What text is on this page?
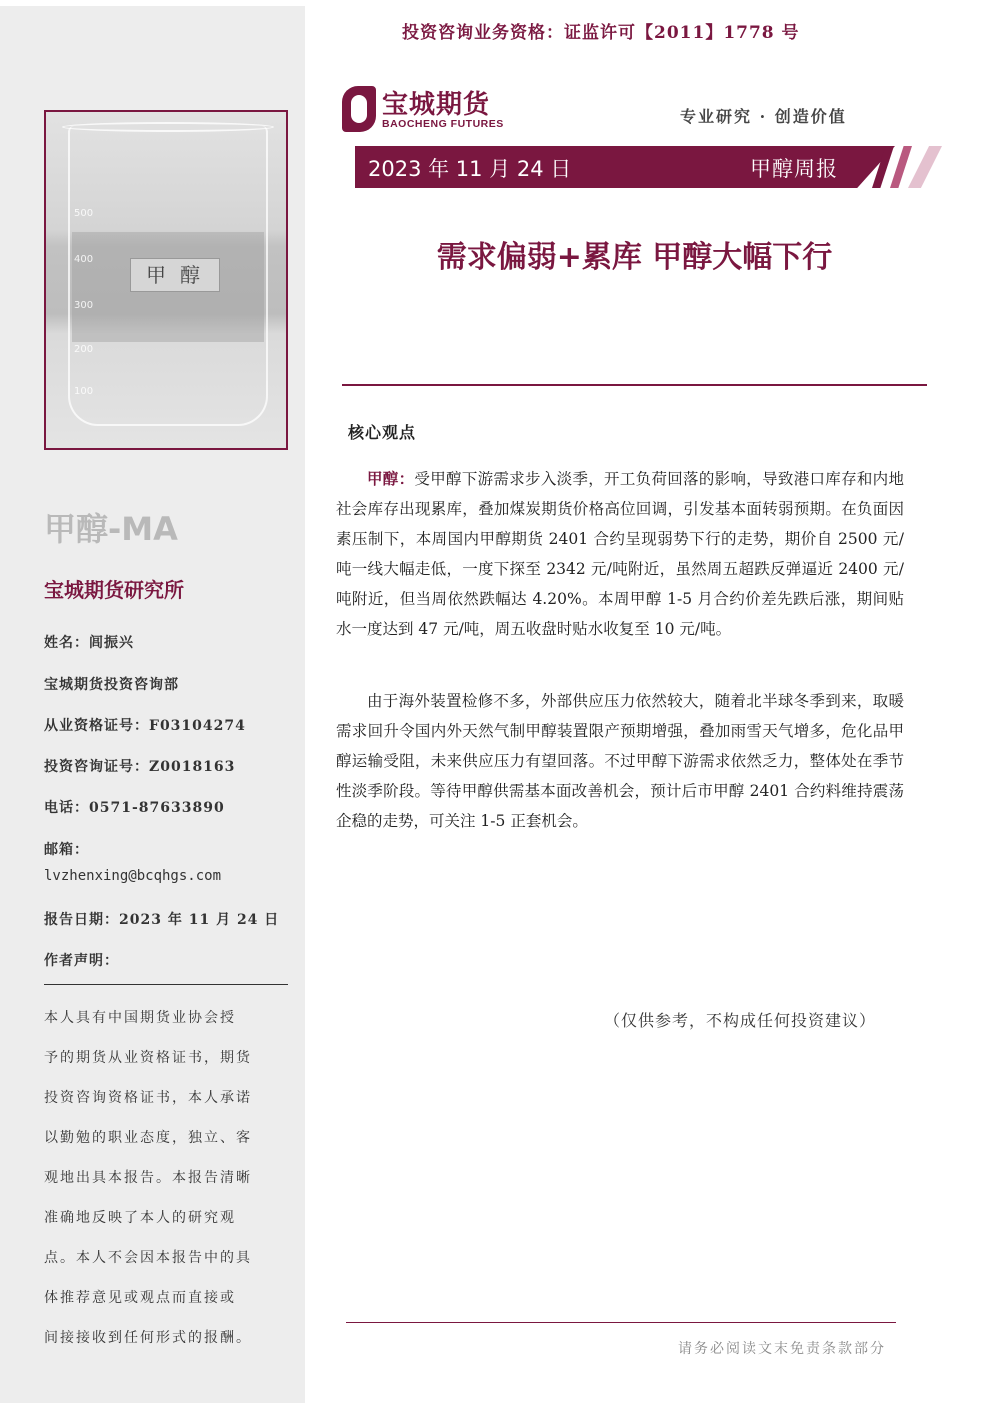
500
400
300
200
100
甲醇
甲醇-MA
宝城期货研究所
姓名：闾振兴
宝城期货投资咨询部
从业资格证号：F03104274
投资咨询证号：Z0018163
电话：0571-87633890
邮箱：
lvzhenxing@bcqhgs.com
报告日期：2023 年 11 月 24 日
作者声明：

本人具有中国期货业协会授

予的期货从业资格证书，期货

投资咨询资格证书，本人承诺

以勤勉的职业态度，独立、客

观地出具本报告。本报告清晰

准确地反映了本人的研究观

点。本人不会因本报告中的具

体推荐意见或观点而直接或

间接接收到任何形式的报酬。

投资咨询业务资格：证监许可【2011】1778 号
宝城期货
BAOCHENG FUTURES	专业研究 · 创造价值
2023 年 11 月 24 日	甲醇周报
需求偏弱+累库 甲醇大幅下行
核心观点

甲醇：受甲醇下游需求步入淡季，开工负荷回落的影响，导致港口库存和内地社会库存出现累库，叠加煤炭期货价格高位回调，引发基本面转弱预期。在负面因素压制下，本周国内甲醇期货 2401 合约呈现弱势下行的走势，期价自 2500 元/吨一线大幅走低，一度下探至 2342 元/吨附近，虽然周五超跌反弹逼近 2400 元/吨附近，但当周依然跌幅达 4.20%。本周甲醇 1-5 月合约价差先跌后涨，期间贴水一度达到 47 元/吨，周五收盘时贴水收复至 10 元/吨。

由于海外装置检修不多，外部供应压力依然较大，随着北半球冬季到来，取暖需求回升令国内外天然气制甲醇装置限产预期增强，叠加雨雪天气增多，危化品甲醇运输受阻，未来供应压力有望回落。不过甲醇下游需求依然乏力，整体处在季节性淡季阶段。等待甲醇供需基本面改善机会，预计后市甲醇 2401 合约料维持震荡企稳的走势，可关注 1-5 正套机会。

（仅供参考，不构成任何投资建议）
请务必阅读文末免责条款部分
